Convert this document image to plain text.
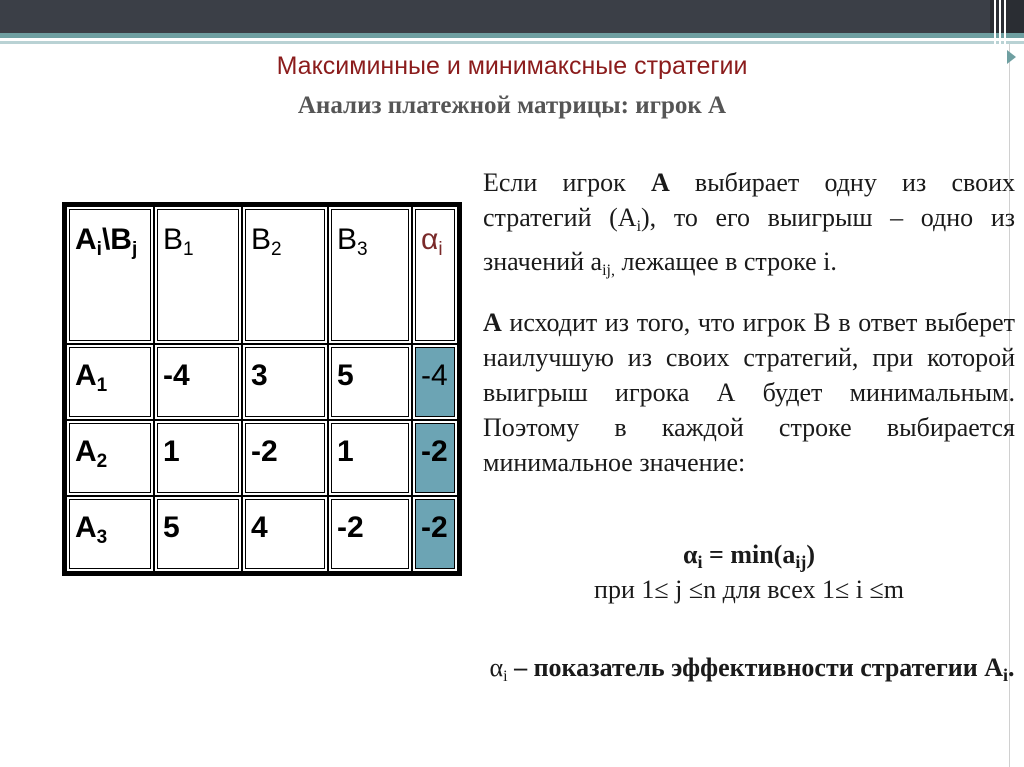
Максиминные и минимаксные стратегии
Анализ платежной матрицы: игрок А
$A_i\backslash B_j$	$B_1$	$B_2$	$B_3$	$\alpha_i$
$A_1$	-4	3	5	-4
$A_2$	1	-2	1	-2
$A_3$	5	4	-2	-2
Если игрок А выбирает одну из своих стратегий $(А_i)$, то его выигрыш – одно из значений $a_{ij,}$ лежащее в строке i.
А исходит из того, что игрок В в ответ выберет наилучшую из своих стратегий, при которой выигрыш игрока А будет минимальным. Поэтому в каждой строке выбирается минимальное значение:
αi = min(aij)
при 1≤ j ≤n для всех 1≤ i ≤m
$\alpha_i$ – показатель эффективности стратегии Аi.
